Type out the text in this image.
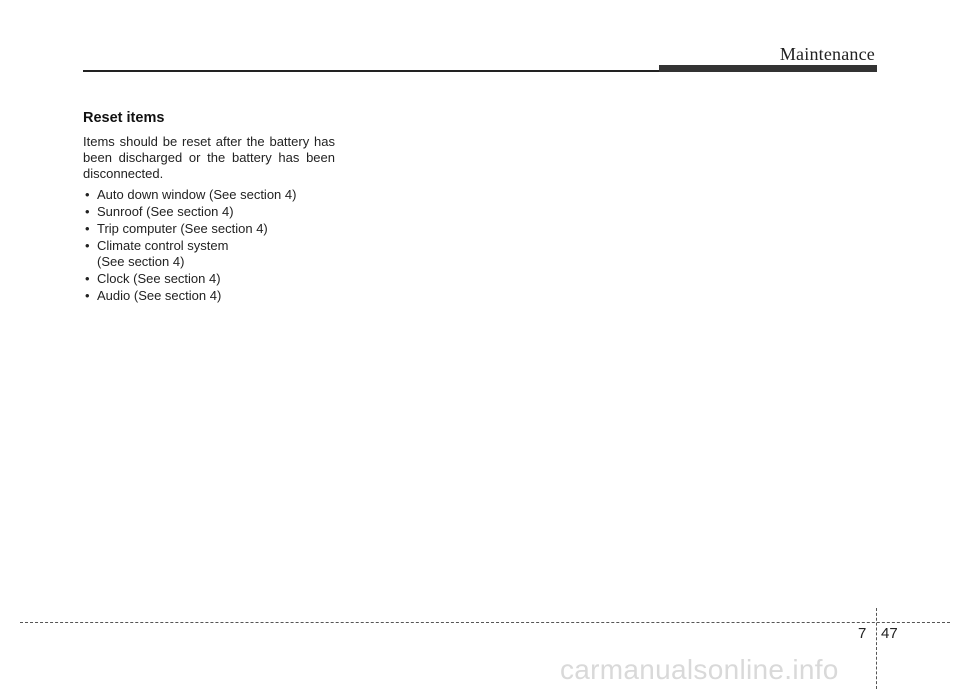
Maintenance
Reset items

Items should be reset after the battery has been discharged or the battery has been disconnected.

• Auto down window (See section 4)
• Sunroof (See section 4)
• Trip computer (See section 4)
• Climate control system
(See section 4)
• Clock (See section 4)
• Audio (See section 4)
7 47
carmanualsonline.info
